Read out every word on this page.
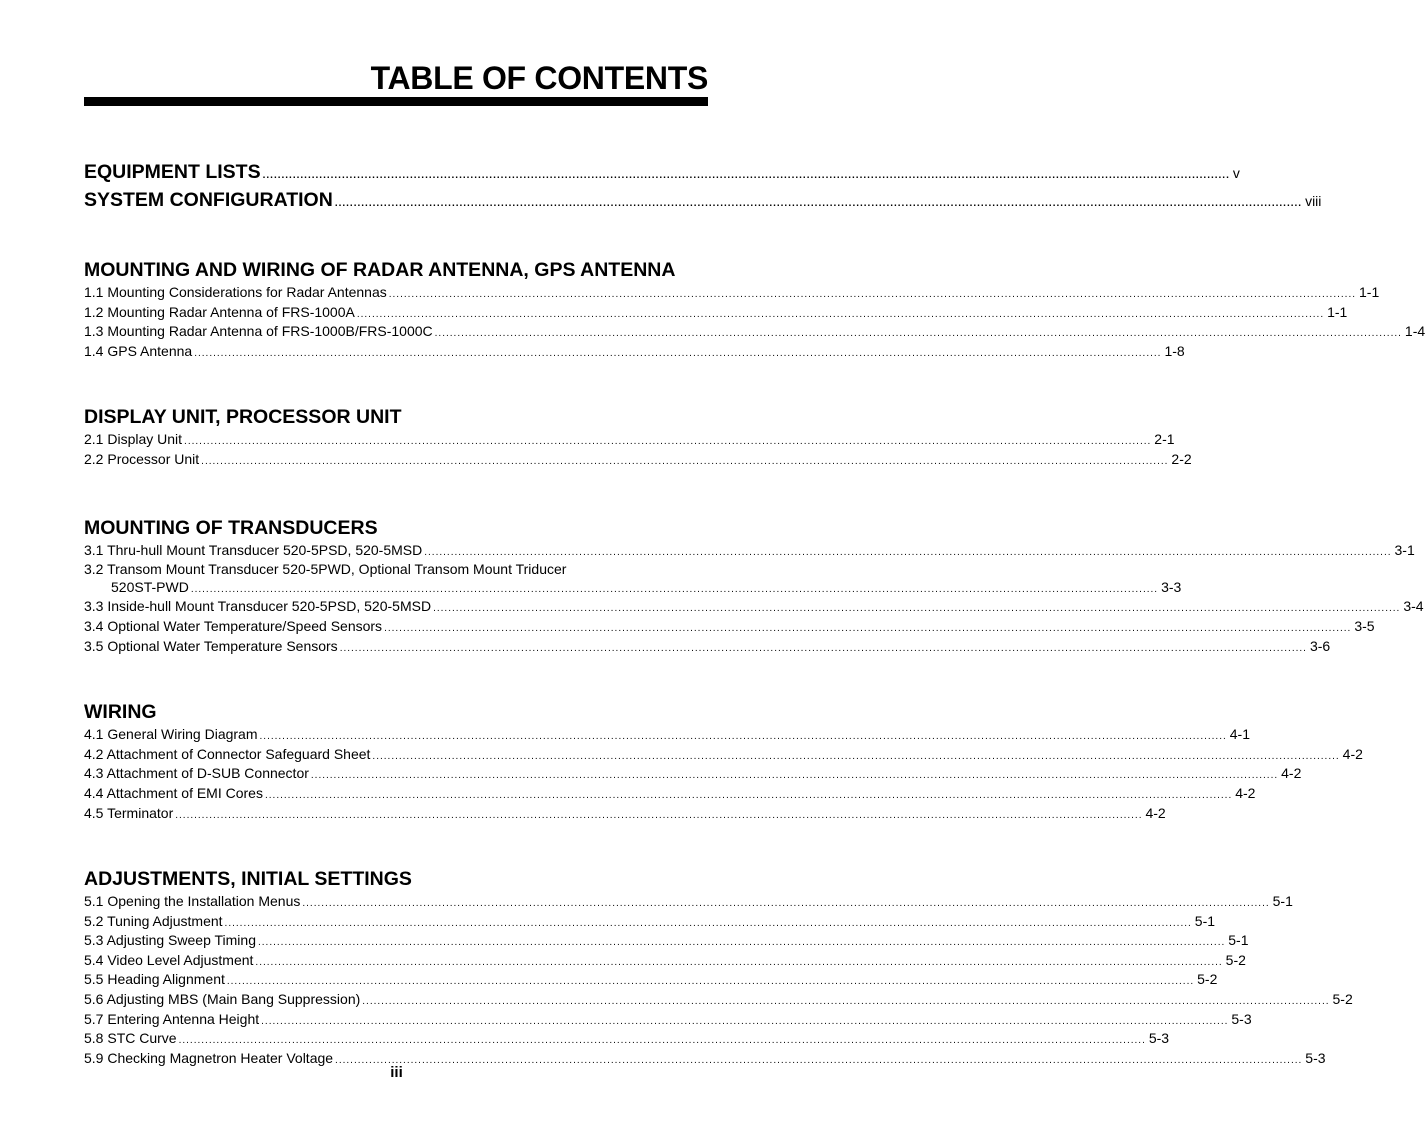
TABLE OF CONTENTS
EQUIPMENT LISTS ................................................................................................................................................................................................................................................................ v
SYSTEM CONFIGURATION ................................................................................................................................................................................................................................................................ viii
MOUNTING AND WIRING OF RADAR ANTENNA, GPS ANTENNA
1.1 Mounting Considerations for Radar Antennas ................................................................................................................................................................................................................................................................ 1-1
1.2 Mounting Radar Antenna of FRS-1000A ................................................................................................................................................................................................................................................................ 1-1
1.3 Mounting Radar Antenna of FRS-1000B/FRS-1000C ................................................................................................................................................................................................................................................................ 1-4
1.4 GPS Antenna ................................................................................................................................................................................................................................................................ 1-8
DISPLAY UNIT, PROCESSOR UNIT
2.1 Display Unit ................................................................................................................................................................................................................................................................ 2-1
2.2 Processor Unit ................................................................................................................................................................................................................................................................ 2-2
MOUNTING OF TRANSDUCERS
3.1 Thru-hull Mount Transducer 520-5PSD, 520-5MSD ................................................................................................................................................................................................................................................................ 3-1
3.2 Transom Mount Transducer 520-5PWD, Optional Transom Mount Triducer
520ST-PWD ................................................................................................................................................................................................................................................................ 3-3
3.3 Inside-hull Mount Transducer 520-5PSD, 520-5MSD ................................................................................................................................................................................................................................................................ 3-4
3.4 Optional Water Temperature/Speed Sensors ................................................................................................................................................................................................................................................................ 3-5
3.5 Optional Water Temperature Sensors ................................................................................................................................................................................................................................................................ 3-6
WIRING
4.1 General Wiring Diagram ................................................................................................................................................................................................................................................................ 4-1
4.2 Attachment of Connector Safeguard Sheet ................................................................................................................................................................................................................................................................ 4-2
4.3 Attachment of D-SUB Connector ................................................................................................................................................................................................................................................................ 4-2
4.4 Attachment of EMI Cores ................................................................................................................................................................................................................................................................ 4-2
4.5 Terminator ................................................................................................................................................................................................................................................................ 4-2
ADJUSTMENTS, INITIAL SETTINGS
5.1 Opening the Installation Menus ................................................................................................................................................................................................................................................................ 5-1
5.2 Tuning Adjustment ................................................................................................................................................................................................................................................................ 5-1
5.3 Adjusting Sweep Timing ................................................................................................................................................................................................................................................................ 5-1
5.4 Video Level Adjustment ................................................................................................................................................................................................................................................................ 5-2
5.5 Heading Alignment ................................................................................................................................................................................................................................................................ 5-2
5.6 Adjusting MBS (Main Bang Suppression) ................................................................................................................................................................................................................................................................ 5-2
5.7 Entering Antenna Height ................................................................................................................................................................................................................................................................ 5-3
5.8 STC Curve ................................................................................................................................................................................................................................................................ 5-3
5.9 Checking Magnetron Heater Voltage ................................................................................................................................................................................................................................................................ 5-3
iii
